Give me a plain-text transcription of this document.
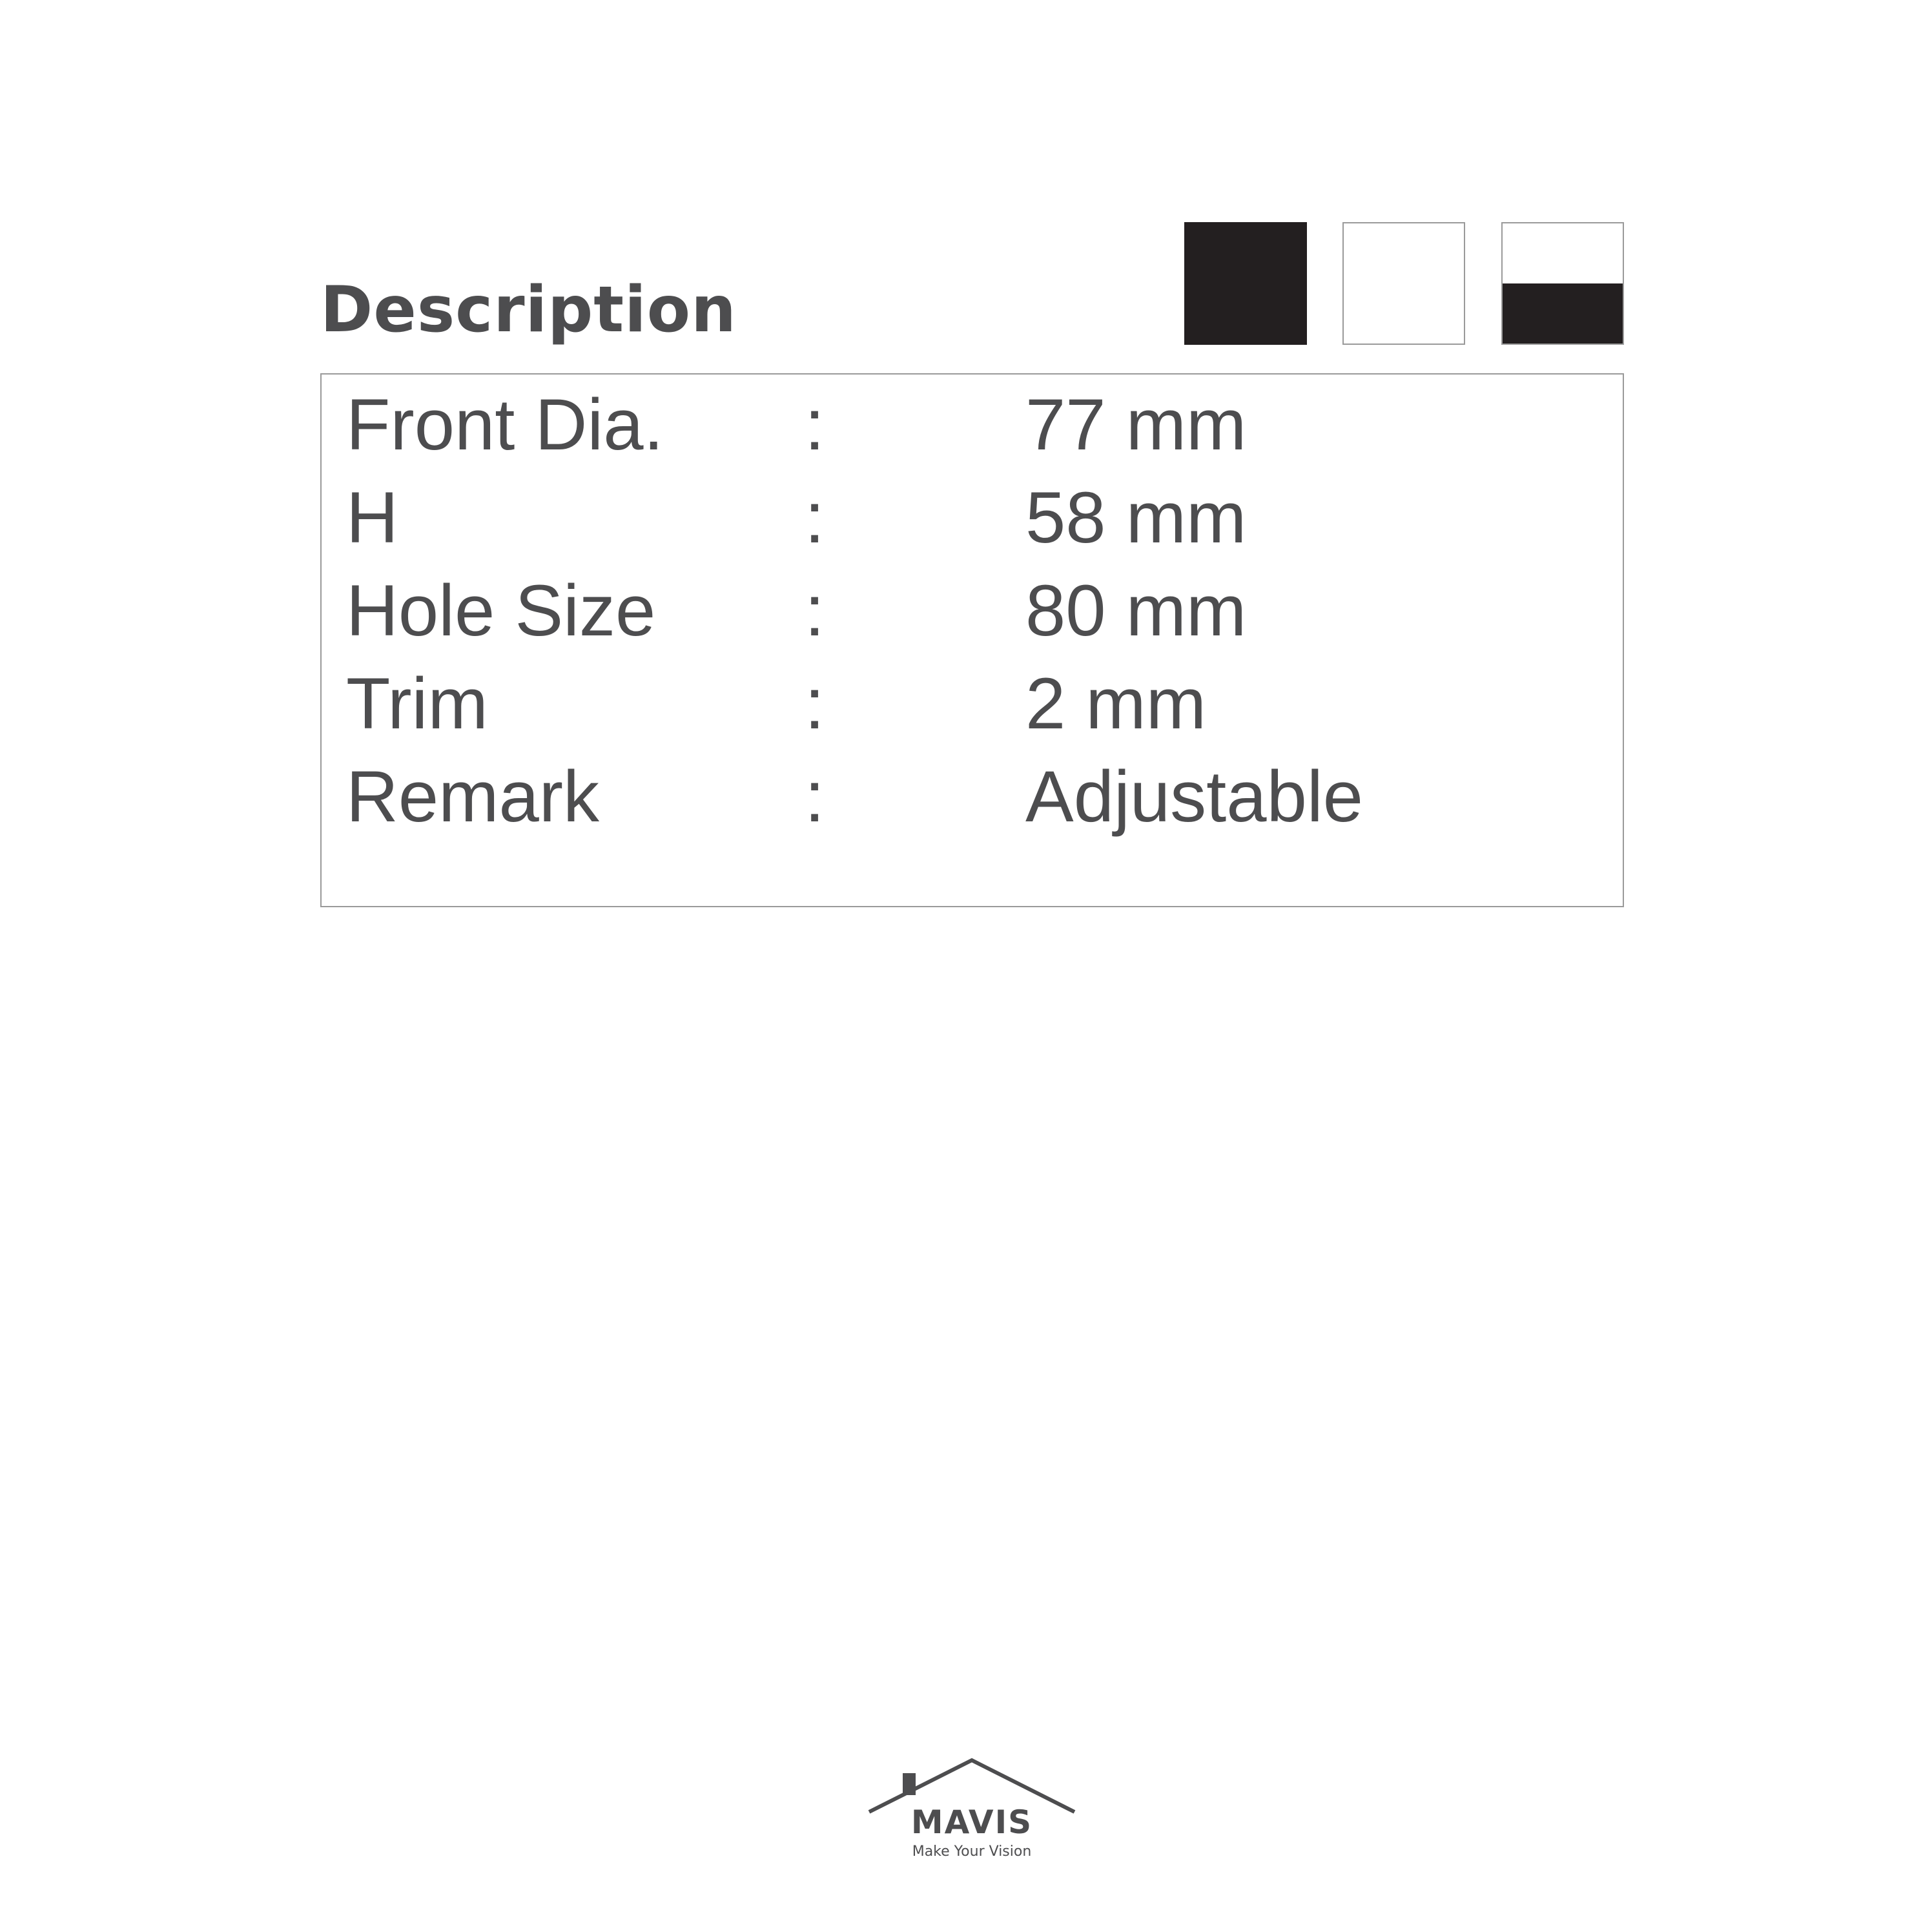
Description
Front Dia. :	77 mm
H	:	58 mm
Hole Size :	80 mm
Trim	:	2 mm
Remark	:	Adjustable
MAVIS
Make Your Vision
